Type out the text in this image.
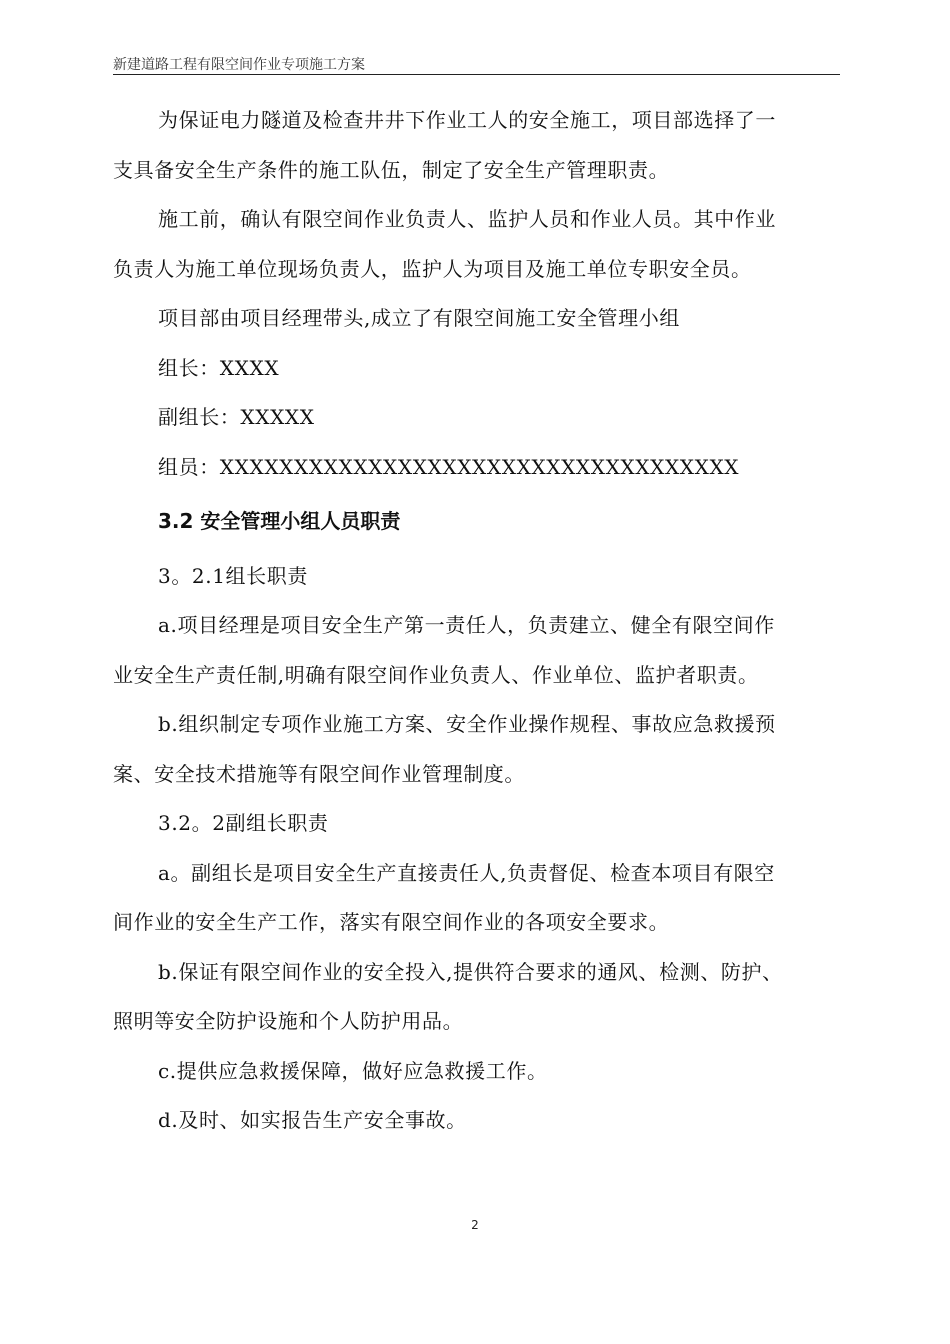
新建道路工程有限空间作业专项施工方案

为保证电力隧道及检查井井下作业工人的安全施工，项目部选择了一

支具备安全生产条件的施工队伍，制定了安全生产管理职责。

施工前，确认有限空间作业负责人、监护人员和作业人员。其中作业

负责人为施工单位现场负责人，监护人为项目及施工单位专职安全员。

项目部由项目经理带头,成立了有限空间施工安全管理小组

组长：XXXX

副组长：XXXXX

组员：XXXXXXXXXXXXXXXXXXXXXXXXXXXXXXXXXXX

3.2 安全管理小组人员职责

3。2.1组长职责

a.项目经理是项目安全生产第一责任人，负责建立、健全有限空间作

业安全生产责任制,明确有限空间作业负责人、作业单位、监护者职责。

b.组织制定专项作业施工方案、安全作业操作规程、事故应急救援预

案、安全技术措施等有限空间作业管理制度。

3.2。2副组长职责

a。副组长是项目安全生产直接责任人,负责督促、检查本项目有限空

间作业的安全生产工作，落实有限空间作业的各项安全要求。

b.保证有限空间作业的安全投入,提供符合要求的通风、检测、防护、

照明等安全防护设施和个人防护用品。

c.提供应急救援保障，做好应急救援工作。

d.及时、如实报告生产安全事故。

2
